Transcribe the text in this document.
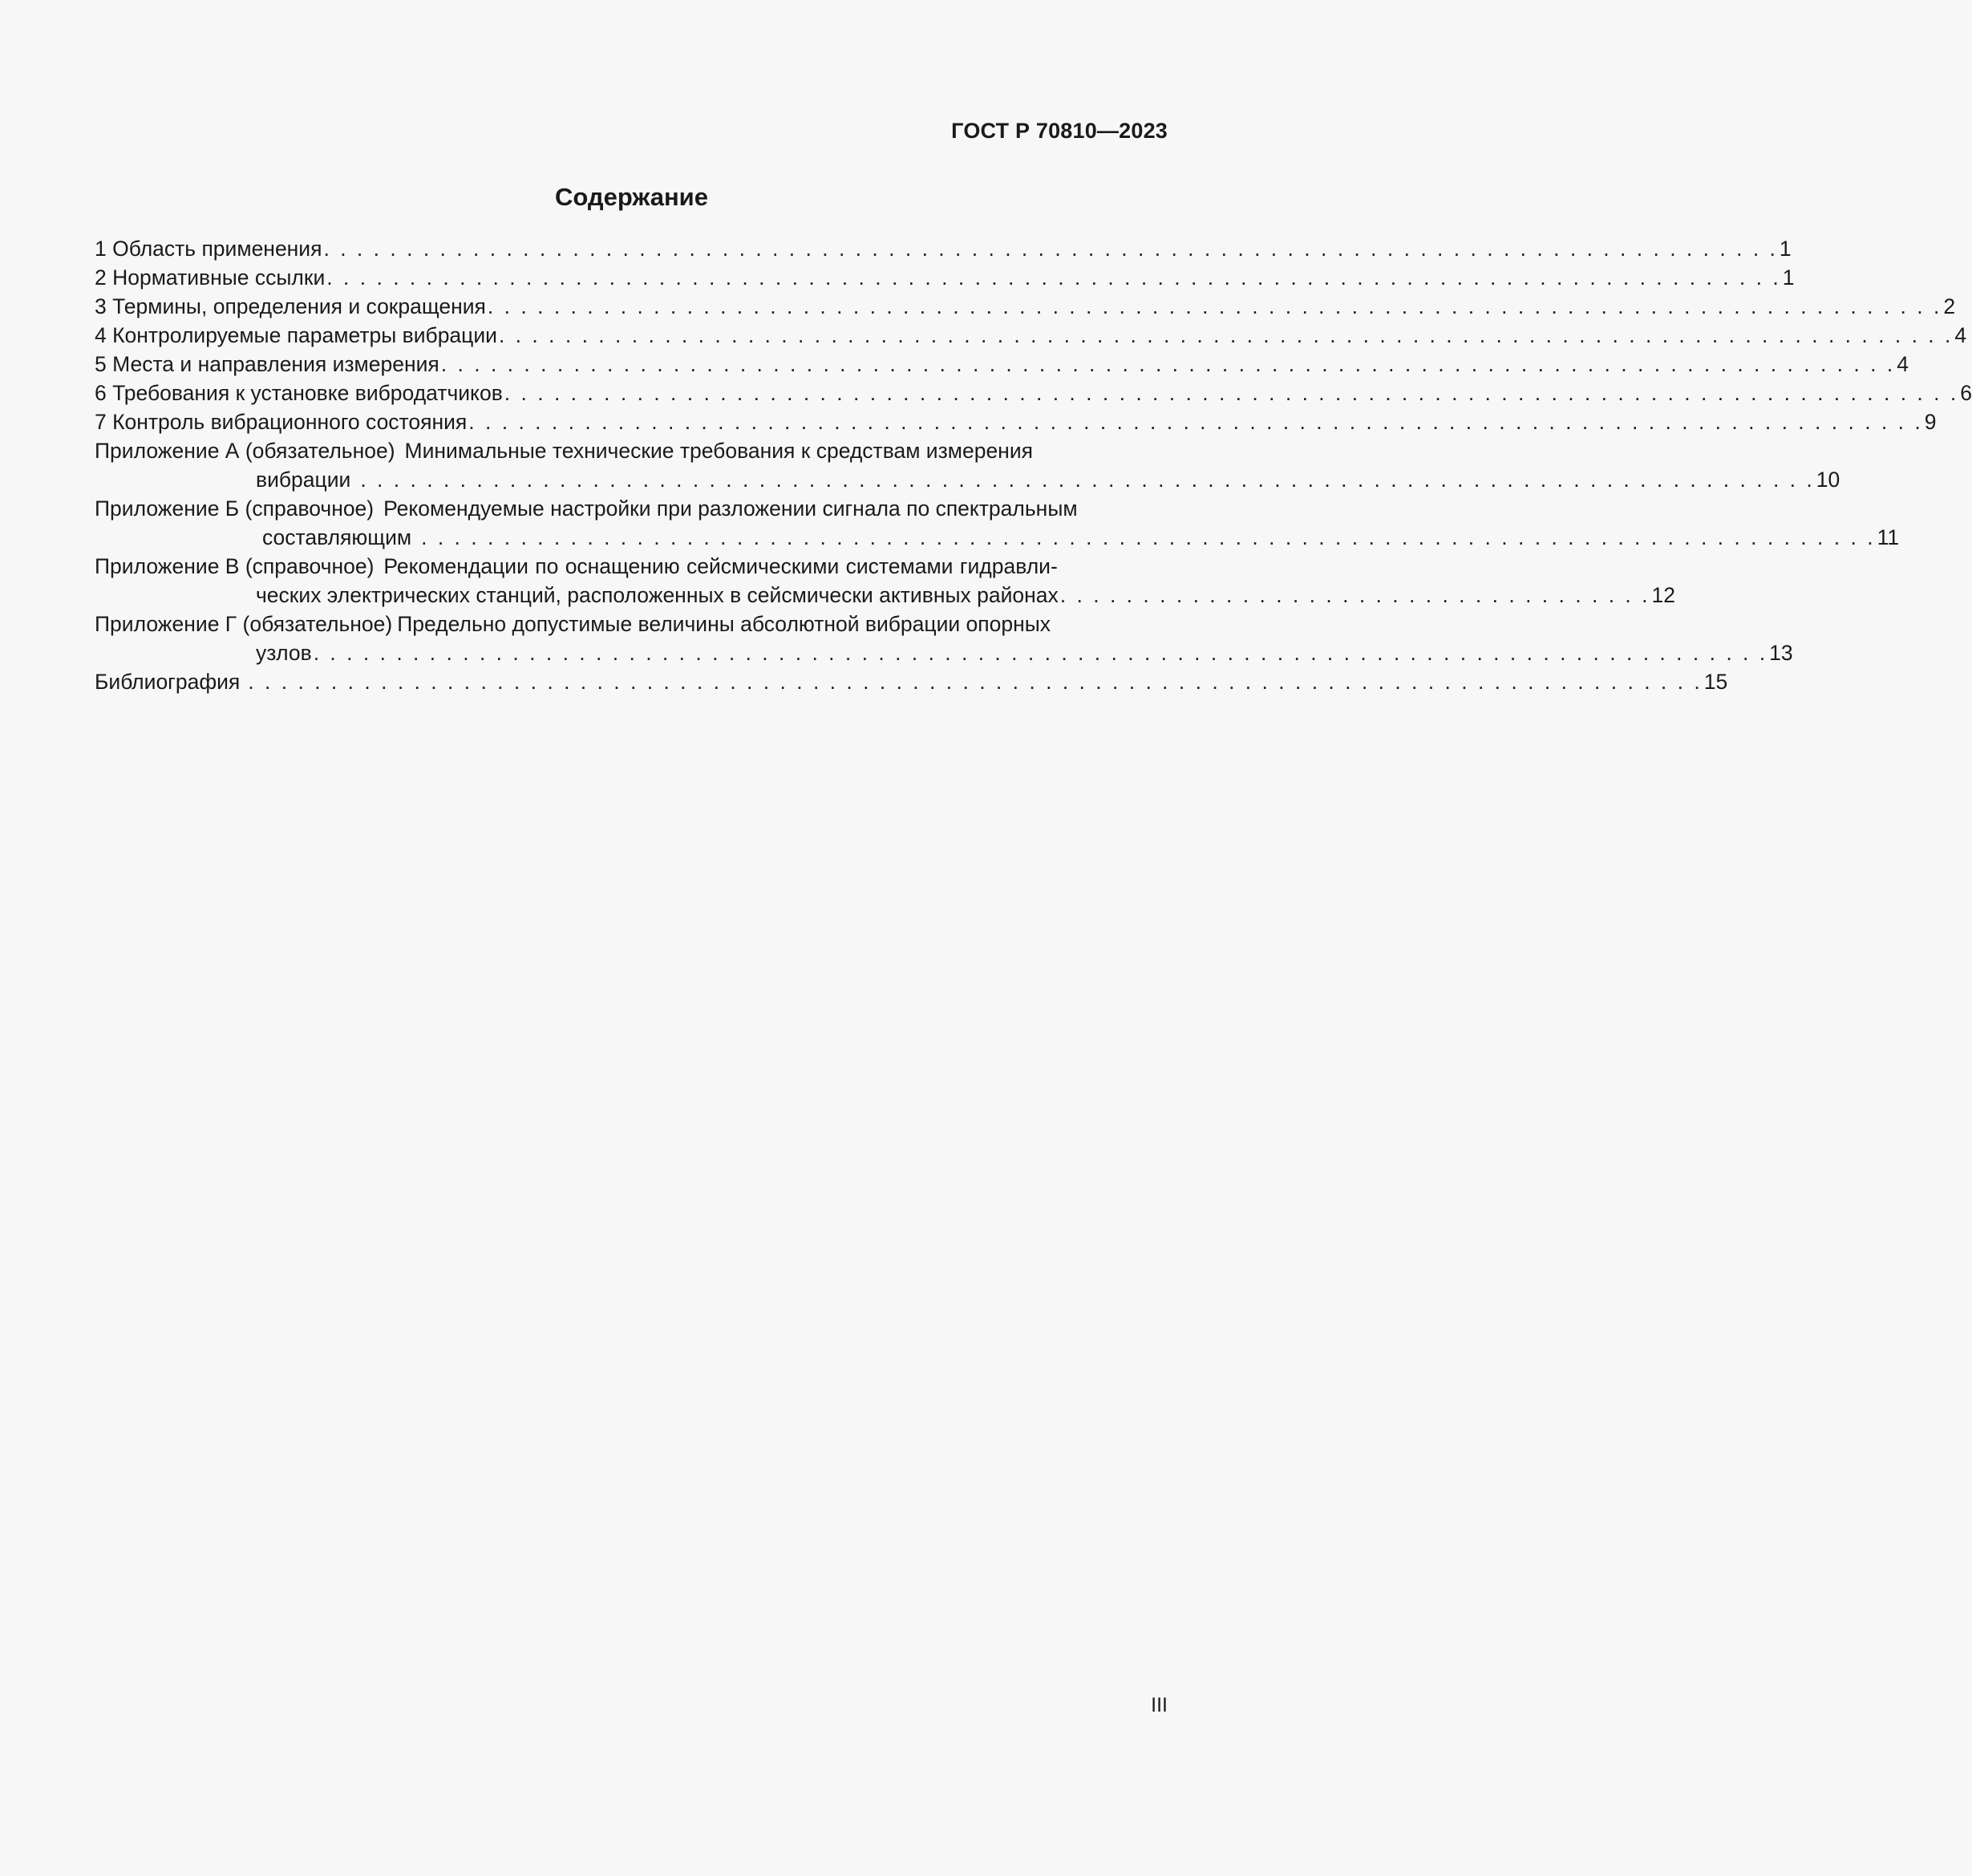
ГОСТ Р 70810—2023
Содержание
1 Область применения . . . . . . . . . . . . . . . . . . . . . . . . . . . . . . . . . . . . . . . . . . . . . . . . . . . . . . . . . . . . . . . . . . . . . . . . . . . . . . . . . . . . . . . . 1
2 Нормативные ссылки . . . . . . . . . . . . . . . . . . . . . . . . . . . . . . . . . . . . . . . . . . . . . . . . . . . . . . . . . . . . . . . . . . . . . . . . . . . . . . . . . . . . . . . . 1
3 Термины, определения и сокращения . . . . . . . . . . . . . . . . . . . . . . . . . . . . . . . . . . . . . . . . . . . . . . . . . . . . . . . . . . . . . . . . . . . . . . . . . . . . . . . . . . . . . . . . 2
4 Контролируемые параметры вибрации . . . . . . . . . . . . . . . . . . . . . . . . . . . . . . . . . . . . . . . . . . . . . . . . . . . . . . . . . . . . . . . . . . . . . . . . . . . . . . . . . . . . . . . . 4
5 Места и направления измерения . . . . . . . . . . . . . . . . . . . . . . . . . . . . . . . . . . . . . . . . . . . . . . . . . . . . . . . . . . . . . . . . . . . . . . . . . . . . . . . . . . . . . . . . 4
6 Требования к установке вибродатчиков . . . . . . . . . . . . . . . . . . . . . . . . . . . . . . . . . . . . . . . . . . . . . . . . . . . . . . . . . . . . . . . . . . . . . . . . . . . . . . . . . . . . . . . . 6
7 Контроль вибрационного состояния . . . . . . . . . . . . . . . . . . . . . . . . . . . . . . . . . . . . . . . . . . . . . . . . . . . . . . . . . . . . . . . . . . . . . . . . . . . . . . . . . . . . . . . . 9
Приложение А (обязательное) Минимальные технические требования к средствам измерения
вибрации . . . . . . . . . . . . . . . . . . . . . . . . . . . . . . . . . . . . . . . . . . . . . . . . . . . . . . . . . . . . . . . . . . . . . . . . . . . . . . . . . . . . . . . . 10
Приложение Б (справочное) Рекомендуемые настройки при разложении сигнала по спектральным
составляющим . . . . . . . . . . . . . . . . . . . . . . . . . . . . . . . . . . . . . . . . . . . . . . . . . . . . . . . . . . . . . . . . . . . . . . . . . . . . . . . . . . . . . . . . 11
Приложение В (справочное) Рекомендации по оснащению сейсмическими системами гидравли-
ческих электрических станций, расположенных в сейсмически активных районах . . . . . . . . . . . . . . . . . . . . . . . . . . . . . . . . . . . . 12
Приложение Г (обязательное) Предельно допустимые величины абсолютной вибрации опорных
узлов . . . . . . . . . . . . . . . . . . . . . . . . . . . . . . . . . . . . . . . . . . . . . . . . . . . . . . . . . . . . . . . . . . . . . . . . . . . . . . . . . . . . . . . . 13
Библиография . . . . . . . . . . . . . . . . . . . . . . . . . . . . . . . . . . . . . . . . . . . . . . . . . . . . . . . . . . . . . . . . . . . . . . . . . . . . . . . . . . . . . . . . 15
III
